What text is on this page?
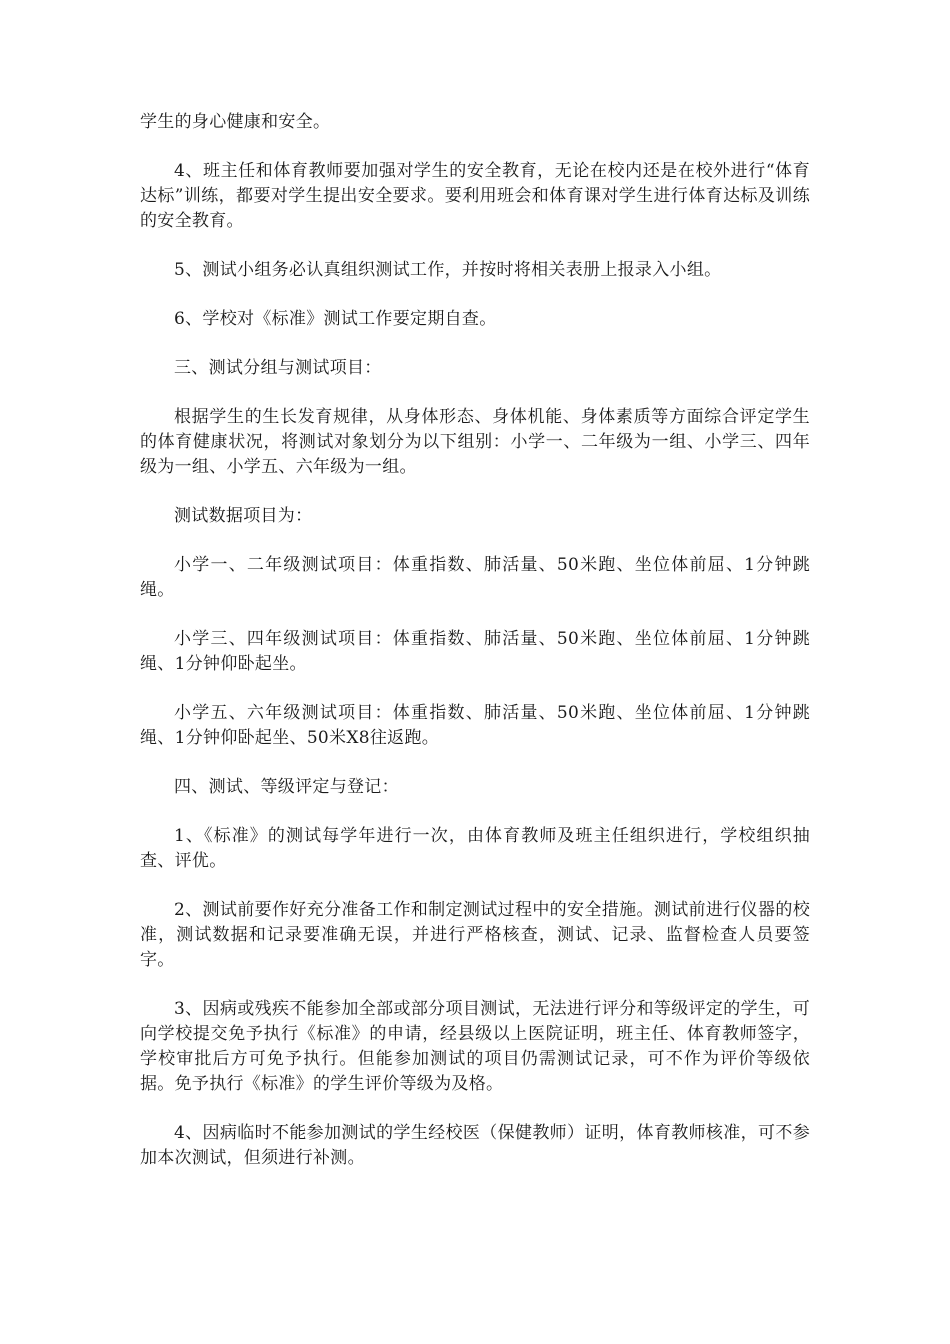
学生的身心健康和安全。

4、班主任和体育教师要加强对学生的安全教育，无论在校内还是在校外进行“体育达标”训练，都要对学生提出安全要求。要利用班会和体育课对学生进行体育达标及训练的安全教育。

5、测试小组务必认真组织测试工作，并按时将相关表册上报录入小组。

6、学校对《标准》测试工作要定期自查。

三、测试分组与测试项目：

根据学生的生长发育规律，从身体形态、身体机能、身体素质等方面综合评定学生的体育健康状况，将测试对象划分为以下组别：小学一、二年级为一组、小学三、四年级为一组、小学五、六年级为一组。

测试数据项目为：

小学一、二年级测试项目：体重指数、肺活量、50米跑、坐位体前屈、1分钟跳绳。

小学三、四年级测试项目：体重指数、肺活量、50米跑、坐位体前屈、1分钟跳绳、1分钟仰卧起坐。

小学五、六年级测试项目：体重指数、肺活量、50米跑、坐位体前屈、1分钟跳绳、1分钟仰卧起坐、50米X8往返跑。

四、测试、等级评定与登记：

1、《标准》的测试每学年进行一次，由体育教师及班主任组织进行，学校组织抽查、评优。

2、测试前要作好充分准备工作和制定测试过程中的安全措施。测试前进行仪器的校准，测试数据和记录要准确无误，并进行严格核查，测试、记录、监督检查人员要签字。

3、因病或残疾不能参加全部或部分项目测试，无法进行评分和等级评定的学生，可向学校提交免予执行《标准》的申请，经县级以上医院证明，班主任、体育教师签字，学校审批后方可免予执行。但能参加测试的项目仍需测试记录，可不作为评价等级依据。免予执行《标准》的学生评价等级为及格。

4、因病临时不能参加测试的学生经校医（保健教师）证明，体育教师核准，可不参加本次测试，但须进行补测。
